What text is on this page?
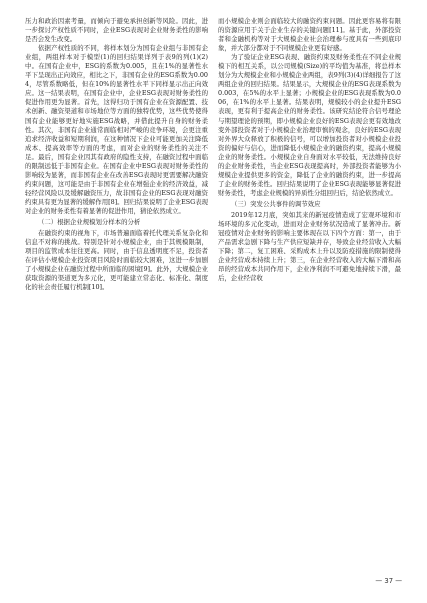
压力和政治因素考量，而倾向于避免承担创新等风险。因此，进一步探讨产权性质不同时，企业ESG表现对企业财务柔性的影响是否会发生改变。

依据产权性质的不同，将样本划分为国有企业组与非国有企业组，两组样本对于模型(1)的回归结果详列于表9的列(1)(2)中。在国有企业中，ESG的系数为0.005，且在1%的显著性水平下呈现出正向效应，相比之下，非国有企业的ESG系数为0.004，尽管系数略低，但在10%的显著性水平下同样显示出正向效应。这一结果表明，在国有企业中，企业ESG表现对财务柔性的促进作用更为显著。首先，这得归功于国有企业在资源配置、技术创新、融资渠道和市场地位等方面的独特优势，这些优势使得国有企业能够更好地实施ESG战略，并借此提升自身的财务柔性。其次，非国有企业通常面临相对严峻的竞争环境，会更注重追求经济收益和短期利润，在这种情况下企业可能更加关注降低成本、提高效率等方面的考虑，而对企业的财务柔性的关注不足。最后，国有企业因其有政府的隐性支持，在融资过程中面临的限制远低于非国有企业。在国有企业中ESG表现对财务柔性的影响较为显著，而非国有企业在改善ESG表现时更需要解决融资约束问题，这可能是由于非国有企业在增强企业的经济效益，减轻经营风险以及缓解融资压力，故非国有企业的ESG表现对融资约束具有更为显著的缓解作用[8]。回归结果说明了企业ESG表现对企业的财务柔性有着显著的促进作用，猜论依然成立。

（二）根据企业规模划分样本的分析

在融资约束的视角下，市场普遍面临着托代理关系复杂化和信息不对称的挑战。特别是针对小规模企业，由于其规模限制，项目的监管成本往往更高。同时，由于信息透明度不足，投资者在评估小规模企业投资项目风险时面临较大困难，这进一步加剧了小规模企业在融资过程中所面临的困境[9]。此外，大规模企业获取资源的渠道更为多元化，更可能建立常态化、标准化、制度化的社会责任履行机制[10]。

而小规模企业则会面临较大的融资约束问题。因此更容易将有限的资源应用于关于企业生存的关键问题[11]。基于此，外部投资者和金融机构等对于大规模企业社会治理参与度具有一些到底印象，并大部分都对于不同规模企业更有好感。

为了验证企业ESG表现、融资约束及财务柔性在不同企业规模下的相互关系，以公司规模(Size)的平均值为基准，将总样本划分为大规模企业和小规模企业两组，表9列(3)(4)详细报告了这两组企业的回归结果。结果显示，大规模企业的ESG表现系数为0.003，在5%的水平上显著；小规模企业的ESG表现系数为0.006，在1%的水平上显著。结果表明，规模较小的企业提升ESG表现，更有利于提高企业的财务柔性。该研究结论符合信号理论与期望理论的预期，即小规模企业良好的ESG表现会更有效地改变外部投资者对于小规模企业治理审慎的观念，良好的ESG表现对外界大众释放了积极的信号，可以增加投资者对小规模企业投资的偏好与信心，进而降低小规模企业的融资约束，提高小规模企业的财务柔性。小规模企业自身面对水平较低，无法维持良好的企业财务柔性，当企业ESG表现提高时，外部投资者能够为小规模企业提供更多的资金，降低了企业的融资约束，进一步提高了企业的财务柔性。回归结果说明了企业ESG表现能够显著促进财务柔性，考虑企业规模的异质性分组回归后，结论依然成立。

（三）突发公共事件的调节效应

2019年12月底，突如其来的新冠疫情造成了宏观环境和市场环境的多元化变动，进而对企业财务状况造成了显著冲击。新冠疫情对企业财务的影响主要体现在以下四个方面：第一，由于产品需求急剧下降与生产供应短缺并存，导致企业经营收入大幅下降；第二，复工困难、采购成本上升以及防疫措施的限制使得企业经营成本持续上升；第三，在企业经营收入的大幅下滑和高昂的经营成本共同作用下，企业净利润不可避免地持续下滑，最后，企业经营收

— 37 —
